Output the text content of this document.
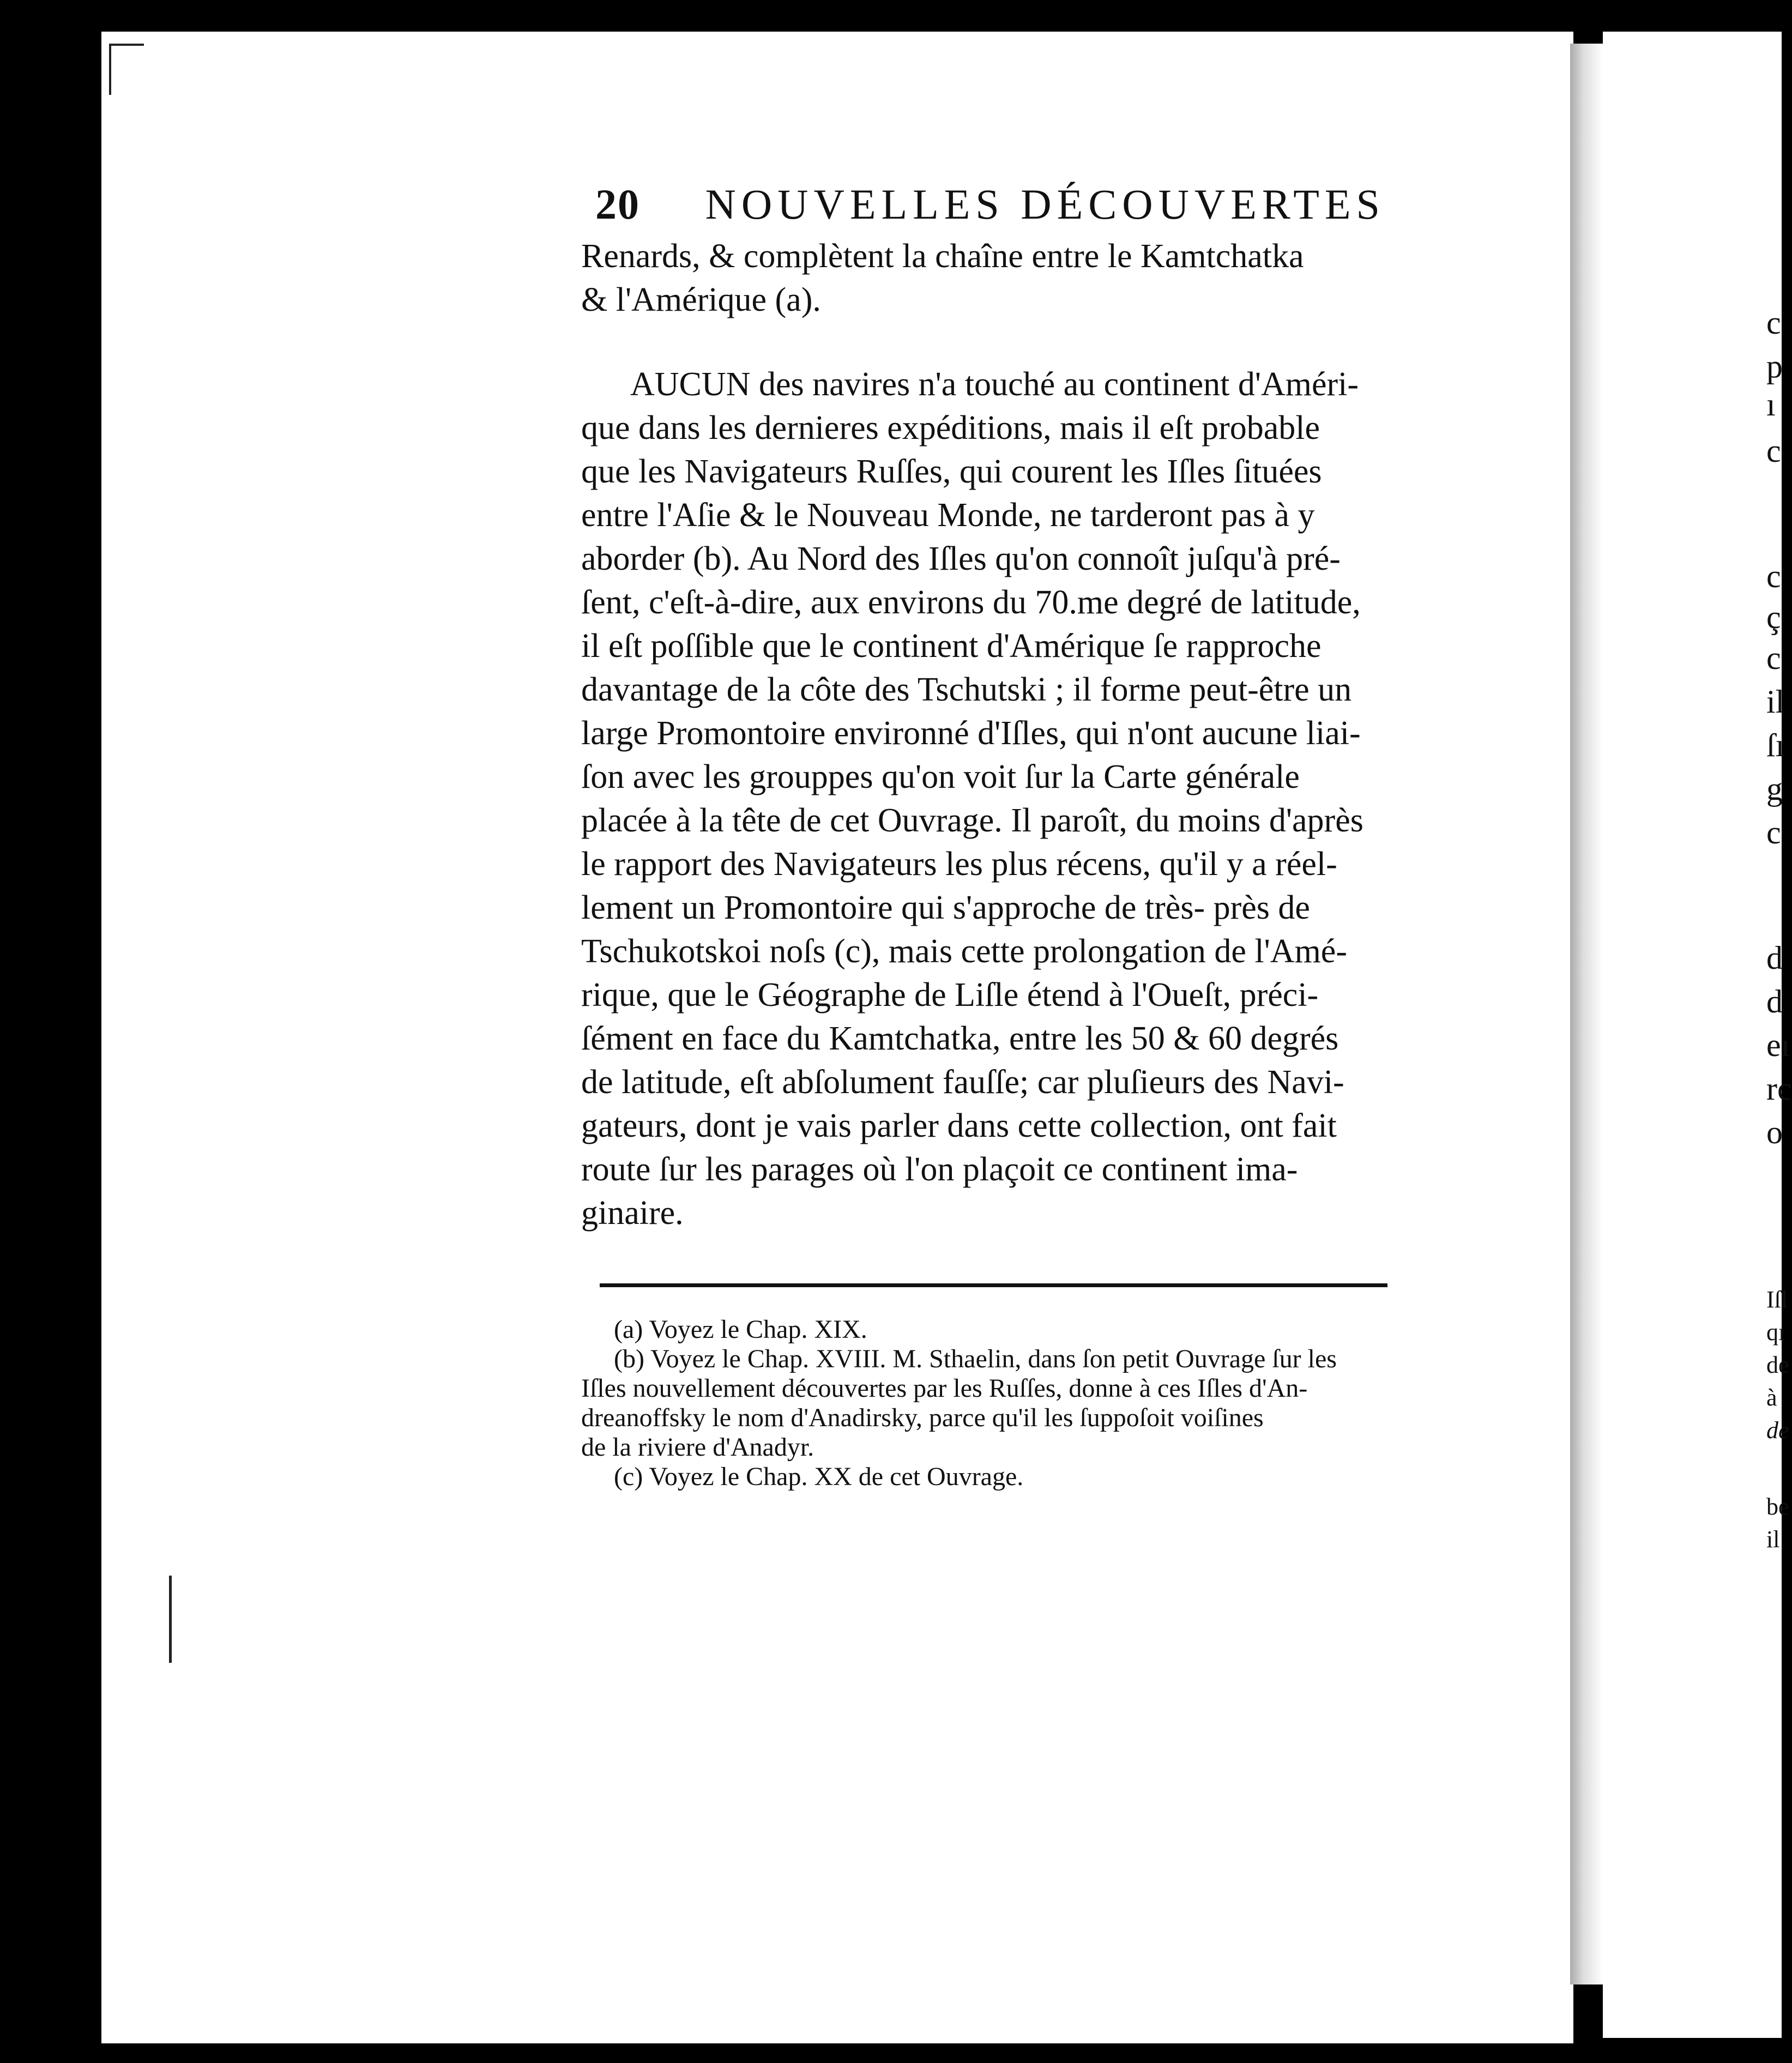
c
p
ı
c
c
ç
c
il
ſı
g
c
d
d
eı
rc
o
Iſl
qı
de
à
de
be
il
20 NOUVELLES DÉCOUVERTES
Renards, & complètent la chaîne entre le Kamtchatka
& l'Amérique (a).
AUCUN des navires n'a touché au continent d'Améri-
que dans les dernieres expéditions, mais il eſt probable
que les Navigateurs Ruſſes, qui courent les Iſles ſituées
entre l'Aſie & le Nouveau Monde, ne tarderont pas à y
aborder (b). Au Nord des Iſles qu'on connoît juſqu'à pré-
ſent, c'eſt-à-dire, aux environs du 70.me degré de latitude,
il eſt poſſible que le continent d'Amérique ſe rapproche
davantage de la côte des Tschutski ; il forme peut-être un
large Promontoire environné d'Iſles, qui n'ont aucune liai-
ſon avec les grouppes qu'on voit ſur la Carte générale
placée à la tête de cet Ouvrage. Il paroît, du moins d'après
le rapport des Navigateurs les plus récens, qu'il y a réel-
lement un Promontoire qui s'approche de très- près de
Tschukotskoi noſs (c), mais cette prolongation de l'Amé-
rique, que le Géographe de Liſle étend à l'Oueſt, préci-
ſément en face du Kamtchatka, entre les 50 & 60 degrés
de latitude, eſt abſolument fauſſe; car pluſieurs des Navi-
gateurs, dont je vais parler dans cette collection, ont fait
route ſur les parages où l'on plaçoit ce continent ima-
ginaire.
(a) Voyez le Chap. XIX.
(b) Voyez le Chap. XVIII. M. Sthaelin, dans ſon petit Ouvrage ſur les
Iſles nouvellement découvertes par les Ruſſes, donne à ces Iſles d'An-
dreanoffsky le nom d'Anadirsky, parce qu'il les ſuppoſoit voiſines
de la riviere d'Anadyr.
(c) Voyez le Chap. XX de cet Ouvrage.
